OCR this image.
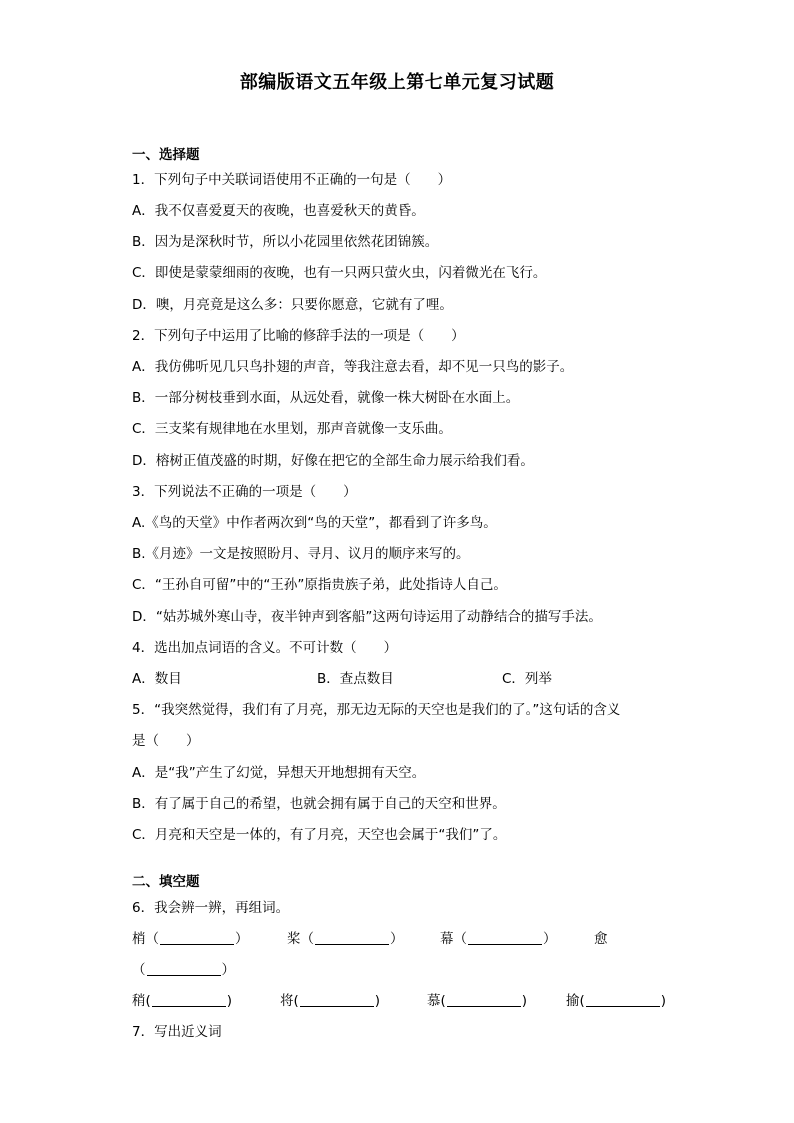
部编版语文五年级上第七单元复习试题
一、选择题
1．下列句子中关联词语使用不正确的一句是（　　）
A．我不仅喜爱夏天的夜晚，也喜爱秋天的黄昏。
B．因为是深秋时节，所以小花园里依然花团锦簇。
C．即使是蒙蒙细雨的夜晚，也有一只两只萤火虫，闪着微光在飞行。
D．噢，月亮竟是这么多：只要你愿意，它就有了哩。
2．下列句子中运用了比喻的修辞手法的一项是（　　）
A．我仿佛听见几只鸟扑翅的声音，等我注意去看，却不见一只鸟的影子。
B．一部分树枝垂到水面，从远处看，就像一株大树卧在水面上。
C．三支桨有规律地在水里划，那声音就像一支乐曲。
D．榕树正值茂盛的时期，好像在把它的全部生命力展示给我们看。
3．下列说法不正确的一项是（　　）
A.《鸟的天堂》中作者两次到“鸟的天堂”，都看到了许多鸟。
B.《月迹》一文是按照盼月、寻月、议月的顺序来写的。
C．“王孙自可留”中的“王孙”原指贵族子弟，此处指诗人自己。
D．“姑苏城外寒山寺，夜半钟声到客船”这两句诗运用了动静结合的描写手法。
4．选出加点词语的含义。不可计数（　　）
A．数目	B．查点数目	C．列举
5．“我突然觉得，我们有了月亮，那无边无际的天空也是我们的了。”这句话的含义
是（　　）
A．是“我”产生了幻觉，异想天开地想拥有天空。
B．有了属于自己的希望，也就会拥有属于自己的天空和世界。
C．月亮和天空是一体的，有了月亮，天空也会属于“我们”了。
二、填空题
6．我会辨一辨，再组词。
梢（	）	桨（	）	幕（	）	愈
（	）
稍(	)	将(	)	慕(	)	揄(	)
7．写出近义词
